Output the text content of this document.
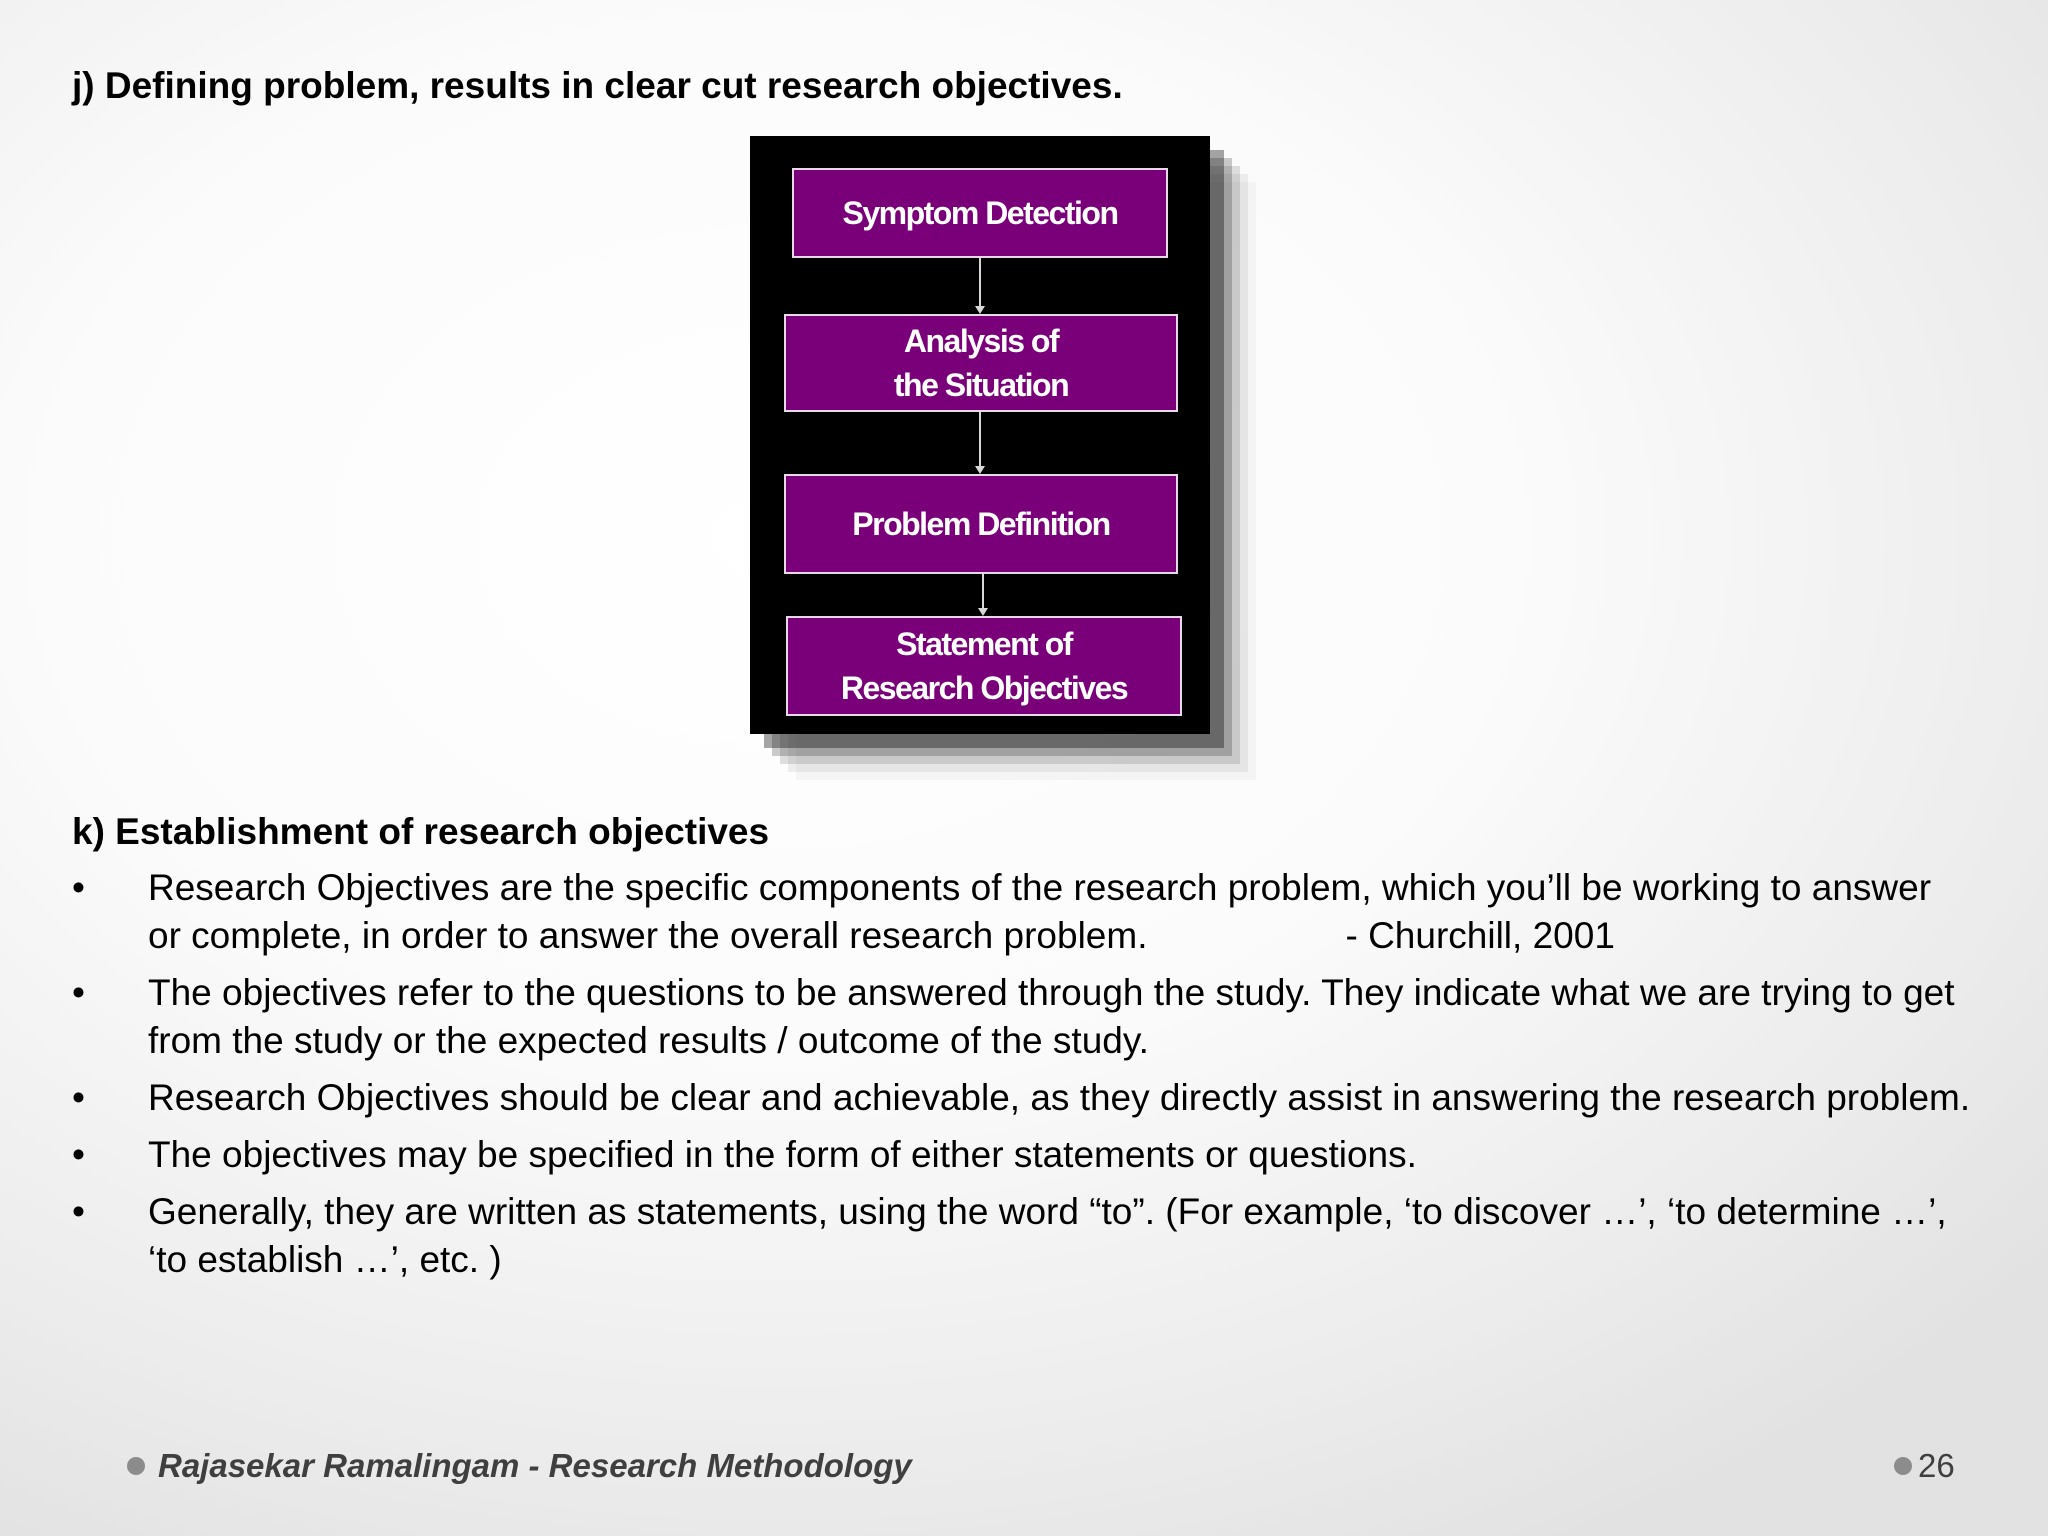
j) Defining problem, results in clear cut research objectives.
Symptom Detection
Analysis of
the Situation
Problem Definition
Statement of
Research Objectives
k) Establishment of research objectives
• Research Objectives are the specific components of the research problem, which you’ll be working to answer or complete, in order to answer the overall research problem.	- Churchill, 2001
• The objectives refer to the questions to be answered through the study. They indicate what we are trying to get from the study or the expected results / outcome of the study.
• Research Objectives should be clear and achievable, as they directly assist in answering the research problem.
• The objectives may be specified in the form of either statements or questions.
• Generally, they are written as statements, using the word “to”. (For example, ‘to discover …’, ‘to determine …’, ‘to establish …’, etc. )
Rajasekar Ramalingam - Research Methodology	26
